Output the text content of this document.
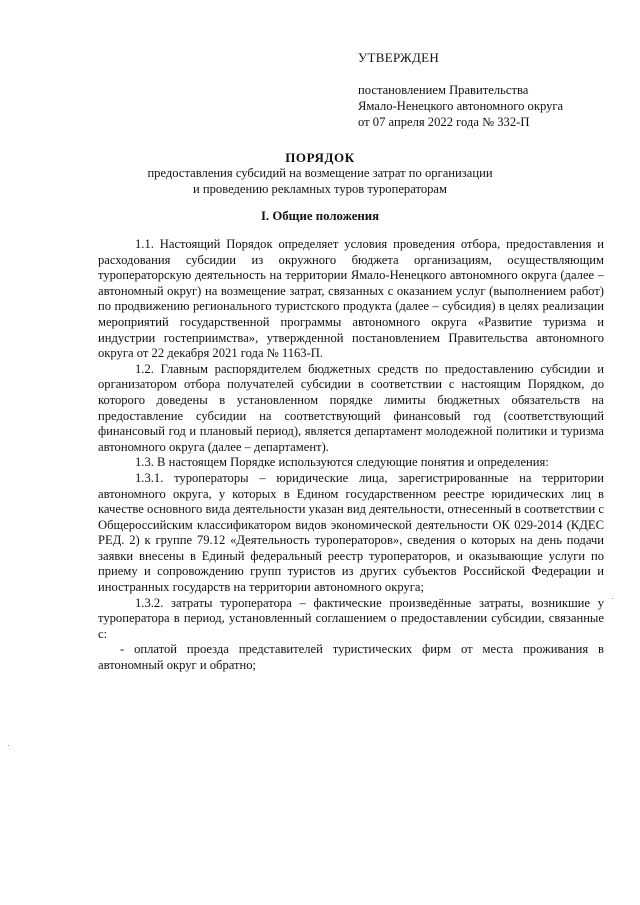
УТВЕРЖДЕН
постановлением Правительства
Ямало-Ненецкого автономного округа
от 07 апреля 2022 года № 332-П
ПОРЯДОК
предоставления субсидий на возмещение затрат по организации
и проведению рекламных туров туроператорам
I. Общие положения

1.1. Настоящий Порядок определяет условия проведения отбора, предоставления и расходования субсидии из окружного бюджета организациям, осуществляющим туроператорскую деятельность на территории Ямало-Ненецкого автономного округа (далее – автономный округ) на возмещение затрат, связанных с оказанием услуг (выполнением работ) по продвижению регионального туристского продукта (далее – субсидия) в целях реализации мероприятий государственной программы автономного округа «Развитие туризма и индустрии гостеприимства», утвержденной постановлением Правительства автономного округа от 22 декабря 2021 года № 1163-П.

1.2. Главным распорядителем бюджетных средств по предоставлению субсидии и организатором отбора получателей субсидии в соответствии с настоящим Порядком, до которого доведены в установленном порядке лимиты бюджетных обязательств на предоставление субсидии на соответствующий финансовый год (соответствующий финансовый год и плановый период), является департамент молодежной политики и туризма автономного округа (далее – департамент).

1.3. В настоящем Порядке используются следующие понятия и определения:

1.3.1. туроператоры – юридические лица, зарегистрированные на территории автономного округа, у которых в Едином государственном реестре юридических лиц в качестве основного вида деятельности указан вид деятельности, отнесенный в соответствии с Общероссийским классификатором видов экономической деятельности ОК 029-2014 (КДЕС РЕД. 2) к группе 79.12 «Деятельность туроператоров», сведения о которых на день подачи заявки внесены в Единый федеральный реестр туроператоров, и оказывающие услуги по приему и сопровождению групп туристов из других субъектов Российской Федерации и иностранных государств на территории автономного округа;

1.3.2. затраты туроператора – фактические произведённые затраты, возникшие у туроператора в период, установленный соглашением о предоставлении субсидии, связанные с:

- оплатой проезда представителей туристических фирм от места проживания в автономный округ и обратно;
